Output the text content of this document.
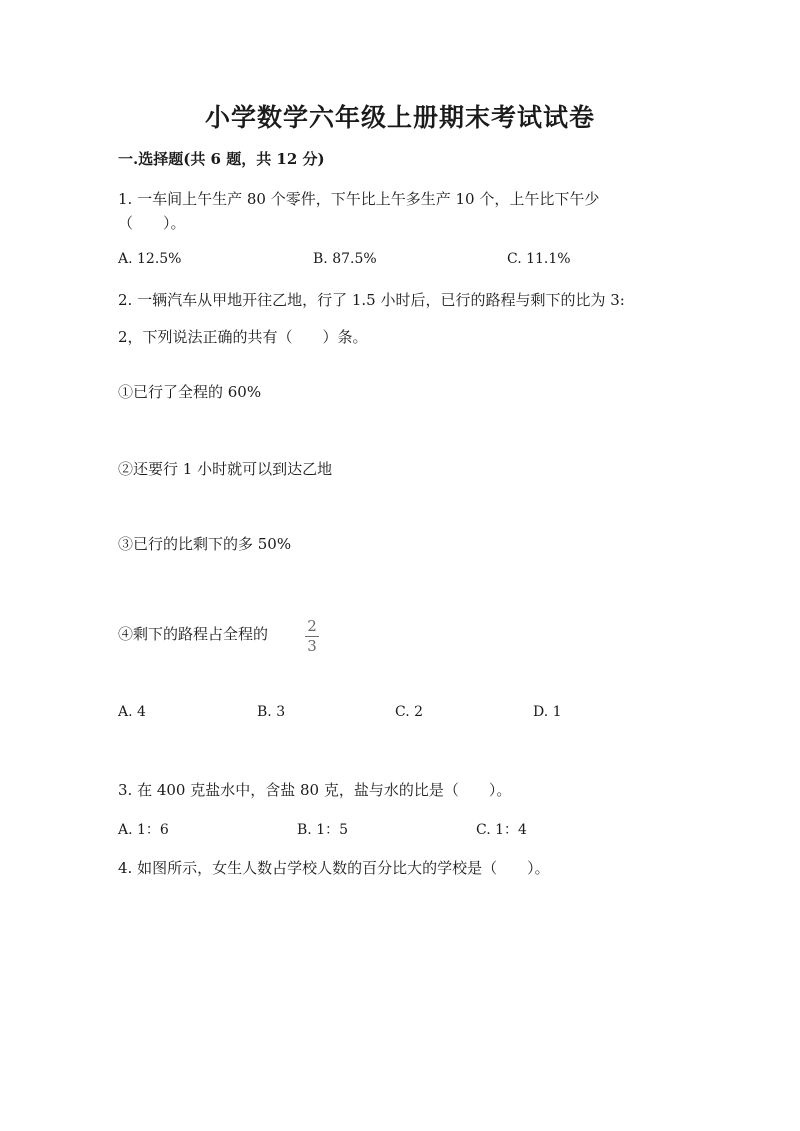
小学数学六年级上册期末考试试卷
一.选择题(共 6 题，共 12 分)
1. 一车间上午生产 80 个零件，下午比上午多生产 10 个，上午比下午少
（　　）。
A. 12.5%	B. 87.5%	C. 11.1%
2. 一辆汽车从甲地开往乙地，行了 1.5 小时后，已行的路程与剩下的比为 3:
2，下列说法正确的共有（　　）条。
①已行了全程的 60%
②还要行 1 小时就可以到达乙地
③已行的比剩下的多 50%
④剩下的路程占全程的	2
3
A. 4	B. 3	C. 2	D. 1
3. 在 400 克盐水中，含盐 80 克，盐与水的比是（　　）。
A. 1：6	B. 1：5	C. 1：4
4. 如图所示，女生人数占学校人数的百分比大的学校是（　　）。
